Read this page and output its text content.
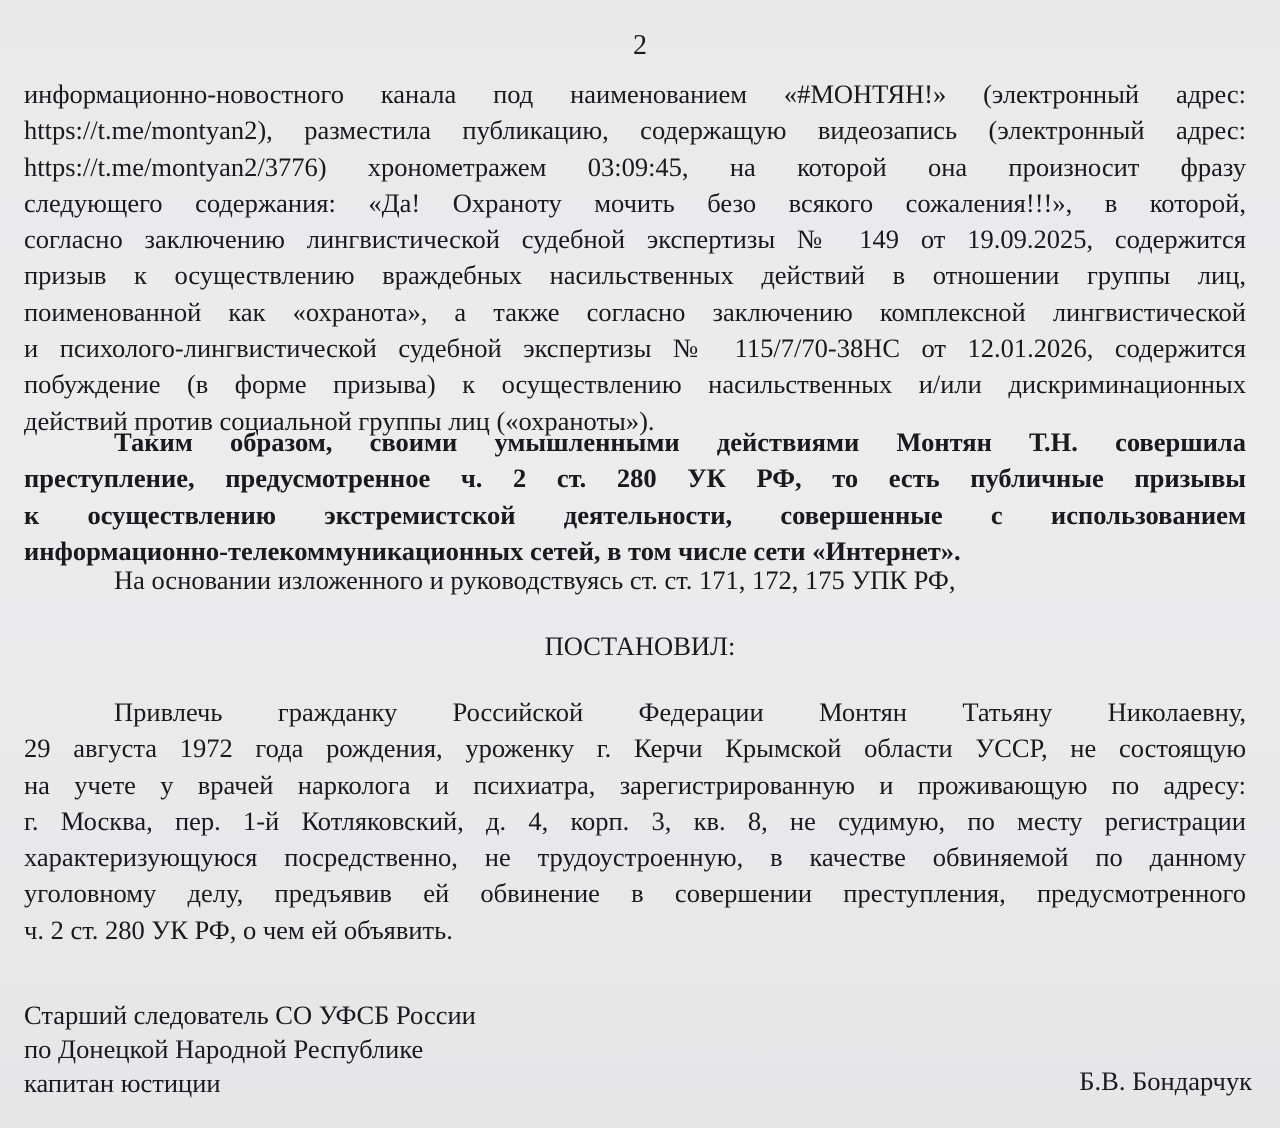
2
информационно-новостного канала под наименованием «#МОНТЯН!» (электронный адрес:
https://t.me/montyan2), разместила публикацию, содержащую видеозапись (электронный адрес:
https://t.me/montyan2/3776) хронометражем 03:09:45, на которой она произносит фразу
следующего содержания: «Да! Охраноту мочить безо всякого сожаления!!!», в которой,
согласно заключению лингвистической судебной экспертизы № 149 от 19.09.2025, содержится
призыв к осуществлению враждебных насильственных действий в отношении группы лиц,
поименованной как «охранота», а также согласно заключению комплексной лингвистической
и психолого-лингвистической судебной экспертизы № 115/7/70-38НС от 12.01.2026, содержится
побуждение (в форме призыва) к осуществлению насильственных и/или дискриминационных
действий против социальной группы лиц («охраноты»).
Таким образом, своими умышленными действиями Монтян Т.Н. совершила
преступление, предусмотренное ч. 2 ст. 280 УК РФ, то есть публичные призывы
к осуществлению экстремистской деятельности, совершенные с использованием
информационно-телекоммуникационных сетей, в том числе сети «Интернет».
На основании изложенного и руководствуясь ст. ст. 171, 172, 175 УПК РФ,
ПОСТАНОВИЛ:
Привлечь гражданку Российской Федерации Монтян Татьяну Николаевну,
29 августа 1972 года рождения, уроженку г. Керчи Крымской области УССР, не состоящую
на учете у врачей нарколога и психиатра, зарегистрированную и проживающую по адресу:
г. Москва, пер. 1-й Котляковский, д. 4, корп. 3, кв. 8, не судимую, по месту регистрации
характеризующуюся посредственно, не трудоустроенную, в качестве обвиняемой по данному
уголовному делу, предъявив ей обвинение в совершении преступления, предусмотренного
ч. 2 ст. 280 УК РФ, о чем ей объявить.
Старший следователь СО УФСБ России
по Донецкой Народной Республике
капитан юстиции	Б.В. Бондарчук
